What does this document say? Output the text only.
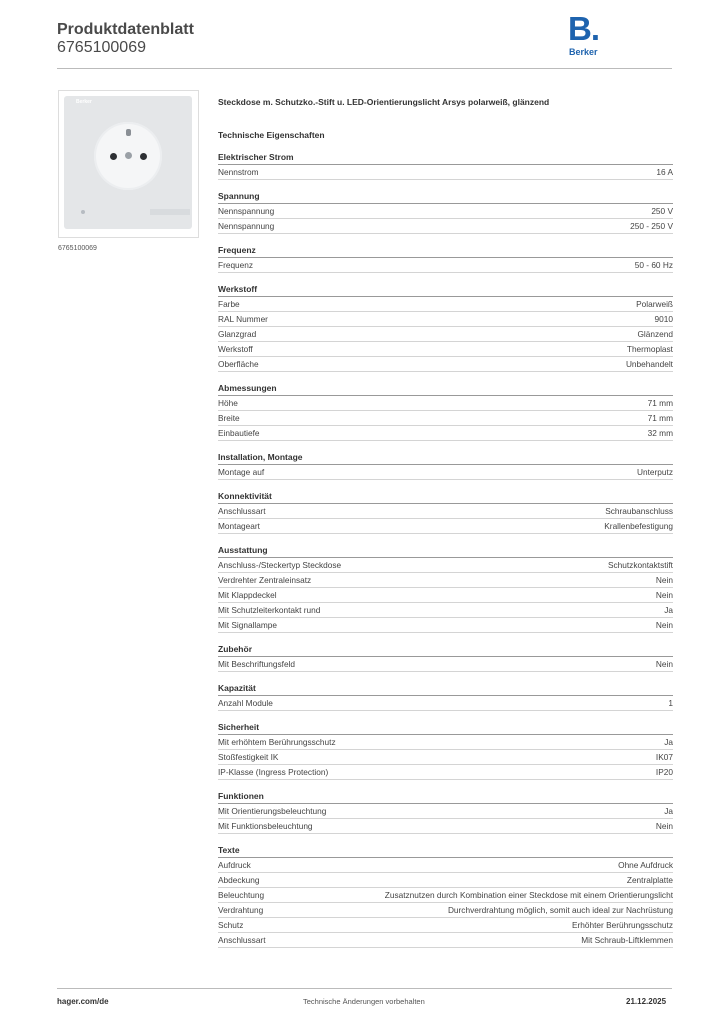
Produktdatenblatt
6765100069
B.
Berker
Berker
6765100069
Steckdose m. Schutzko.-Stift u. LED-Orientierungslicht Arsys polarweiß, glänzend
Technische Eigenschaften
Elektrischer Strom
Nennstrom	16 A
Spannung
Nennspannung	250 V
Nennspannung	250 - 250 V
Frequenz
Frequenz	50 - 60 Hz
Werkstoff
Farbe	Polarweiß
RAL Nummer	9010
Glanzgrad	Glänzend
Werkstoff	Thermoplast
Oberfläche	Unbehandelt
Abmessungen
Höhe	71 mm
Breite	71 mm
Einbautiefe	32 mm
Installation, Montage
Montage auf	Unterputz
Konnektivität
Anschlussart	Schraubanschluss
Montageart	Krallenbefestigung
Ausstattung
Anschluss-/Steckertyp Steckdose	Schutzkontaktstift
Verdrehter Zentraleinsatz	Nein
Mit Klappdeckel	Nein
Mit Schutzleiterkontakt rund	Ja
Mit Signallampe	Nein
Zubehör
Mit Beschriftungsfeld	Nein
Kapazität
Anzahl Module	1
Sicherheit
Mit erhöhtem Berührungsschutz	Ja
Stoßfestigkeit IK	IK07
IP-Klasse (Ingress Protection)	IP20
Funktionen
Mit Orientierungsbeleuchtung	Ja
Mit Funktionsbeleuchtung	Nein
Texte
Aufdruck	Ohne Aufdruck
Abdeckung	Zentralplatte
Beleuchtung	Zusatznutzen durch Kombination einer Steckdose mit einem Orientierungslicht
Verdrahtung	Durchverdrahtung möglich, somit auch ideal zur Nachrüstung
Schutz	Erhöhter Berührungsschutz
Anschlussart	Mit Schraub-Liftklemmen
hager.com/de	Technische Änderungen vorbehalten	21.12.2025
